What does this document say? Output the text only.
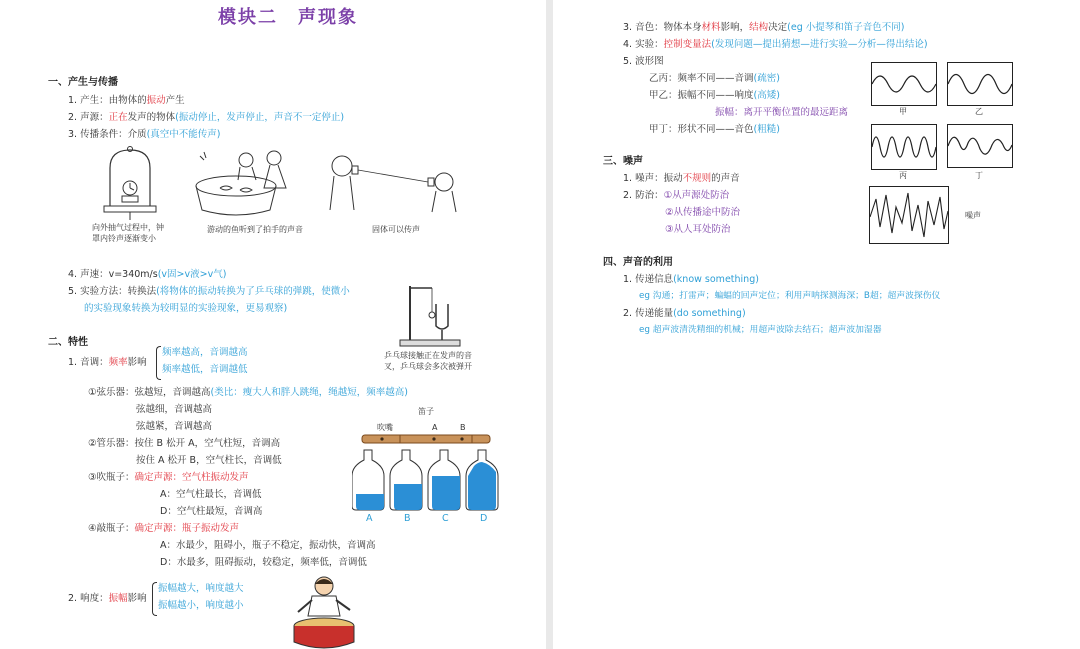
模块二　声现象
一、产生与传播
1. 产生：由物体的振动产生
2. 声源：正在发声的物体(振动停止，发声停止，声音不一定停止)
3. 传播条件：介质(真空中不能传声)
向外抽气过程中，钟
罩内铃声逐渐变小
游动的鱼听到了拍手的声音	固体可以传声
4. 声速：v=340m/s(v固>v液>v气)
5. 实验方法：转换法(将物体的振动转换为了乒乓球的弹跳，使微小
的实验现象转换为较明显的实验现象，更易观察)
乒乓球接触正在发声的音
叉，乒乓球会多次被弹开
二、特性
1. 音调：频率影响
频率越高，音调越高
频率越低，音调越低
①弦乐器：弦越短，音调越高(类比：瘦大人和胖人跳绳，绳越短，频率越高)
弦越细，音调越高
弦越紧，音调越高
②管乐器：按住 B 松开 A，空气柱短，音调高
按住 A 松开 B，空气柱长，音调低
③吹瓶子：确定声源：空气柱振动发声
A：空气柱最长，音调低
D：空气柱最短，音调高
④敲瓶子：确定声源：瓶子振动发声
A：水最少，阻碍小，瓶子不稳定，振动快，音调高
D：水最多，阻碍振动，较稳定，频率低，音调低
笛子
吹嘴	A	B
A	B	C	D
2. 响度：振幅影响
振幅越大，响度越大
振幅越小，响度越小
3. 音色：物体本身材料影响，结构决定(eg 小提琴和笛子音色不同)
4. 实验：控制变量法(发现问题—提出猜想—进行实验—分析—得出结论)
5. 波形图
乙丙：频率不同——音调(疏密)
甲乙：振幅不同——响度(高矮)
振幅：离开平衡位置的最远距离
甲丁：形状不同——音色(粗糙)
甲	乙
丙	丁
三、噪声
1. 噪声：振动不规则的声音
2. 防治：①从声源处防治
②从传播途中防治
③从人耳处防治
噪声
四、声音的利用
1. 传递信息(know something)
eg 沟通；打雷声；蝙蝠的回声定位；利用声呐探测海深；B超；超声波探伤仪
2. 传递能量(do something)
eg 超声波清洗精细的机械；用超声波除去结石；超声波加湿器
